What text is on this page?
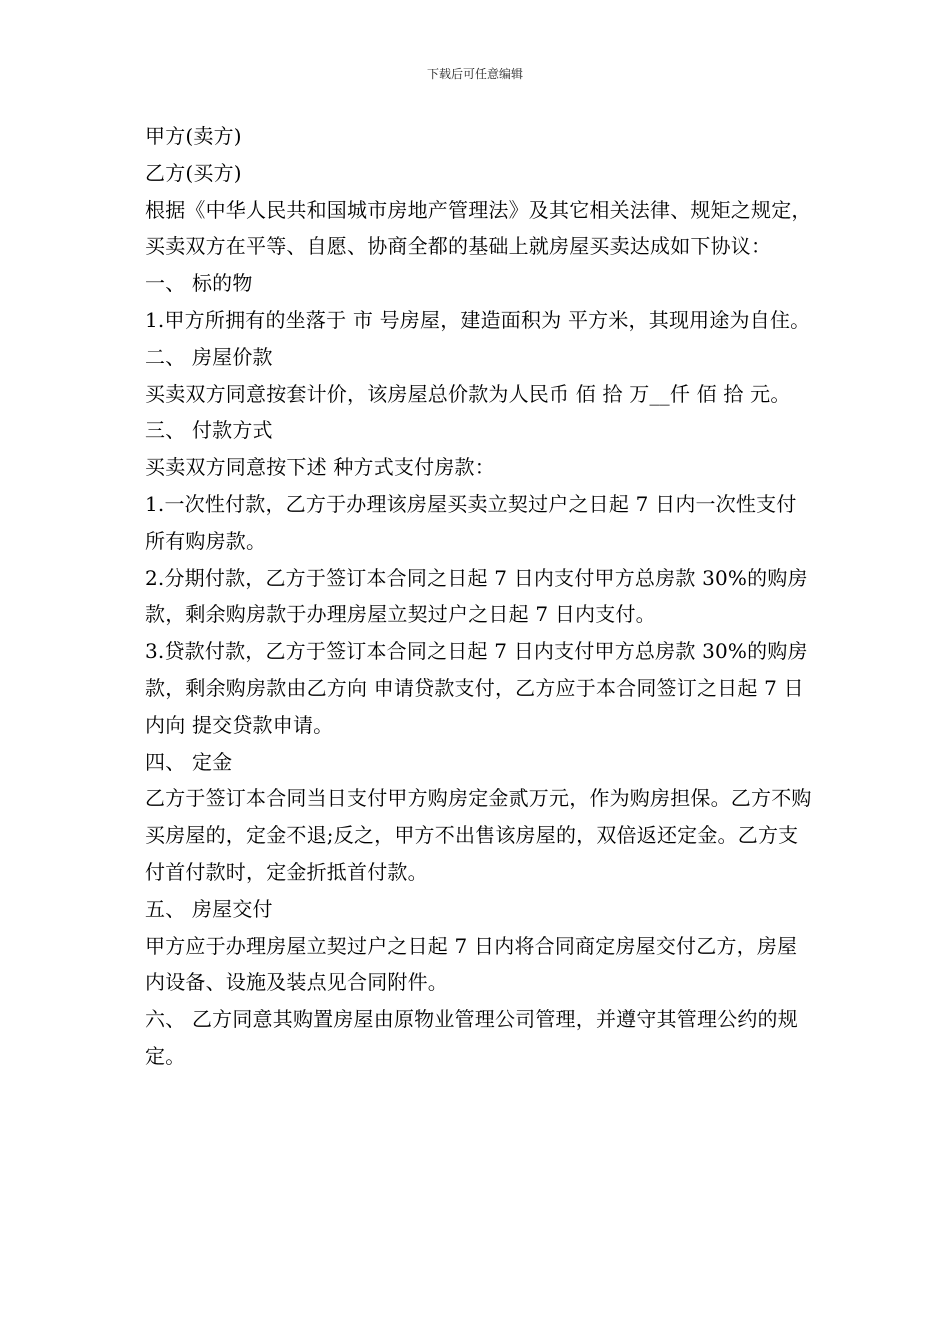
下载后可任意编辑

甲方(卖方)

乙方(买方)

根据《中华人民共和国城市房地产管理法》及其它相关法律、规矩之规定，买卖双方在平等、自愿、协商全都的基础上就房屋买卖达成如下协议：

一、 标的物

1.甲方所拥有的坐落于 市 号房屋，建造面积为 平方米，其现用途为自住。

二、 房屋价款

买卖双方同意按套计价，该房屋总价款为人民币 佰 拾 万__仟 佰 拾 元。

三、 付款方式

买卖双方同意按下述 种方式支付房款：

1.一次性付款，乙方于办理该房屋买卖立契过户之日起 7 日内一次性支付所有购房款。

2.分期付款，乙方于签订本合同之日起 7 日内支付甲方总房款 30%的购房款，剩余购房款于办理房屋立契过户之日起 7 日内支付。

3.贷款付款，乙方于签订本合同之日起 7 日内支付甲方总房款 30%的购房款，剩余购房款由乙方向 申请贷款支付，乙方应于本合同签订之日起 7 日内向 提交贷款申请。

四、 定金

乙方于签订本合同当日支付甲方购房定金贰万元，作为购房担保。乙方不购买房屋的，定金不退;反之，甲方不出售该房屋的，双倍返还定金。乙方支付首付款时，定金折抵首付款。

五、 房屋交付

甲方应于办理房屋立契过户之日起 7 日内将合同商定房屋交付乙方，房屋内设备、设施及装点见合同附件。

六、 乙方同意其购置房屋由原物业管理公司管理，并遵守其管理公约的规定。
